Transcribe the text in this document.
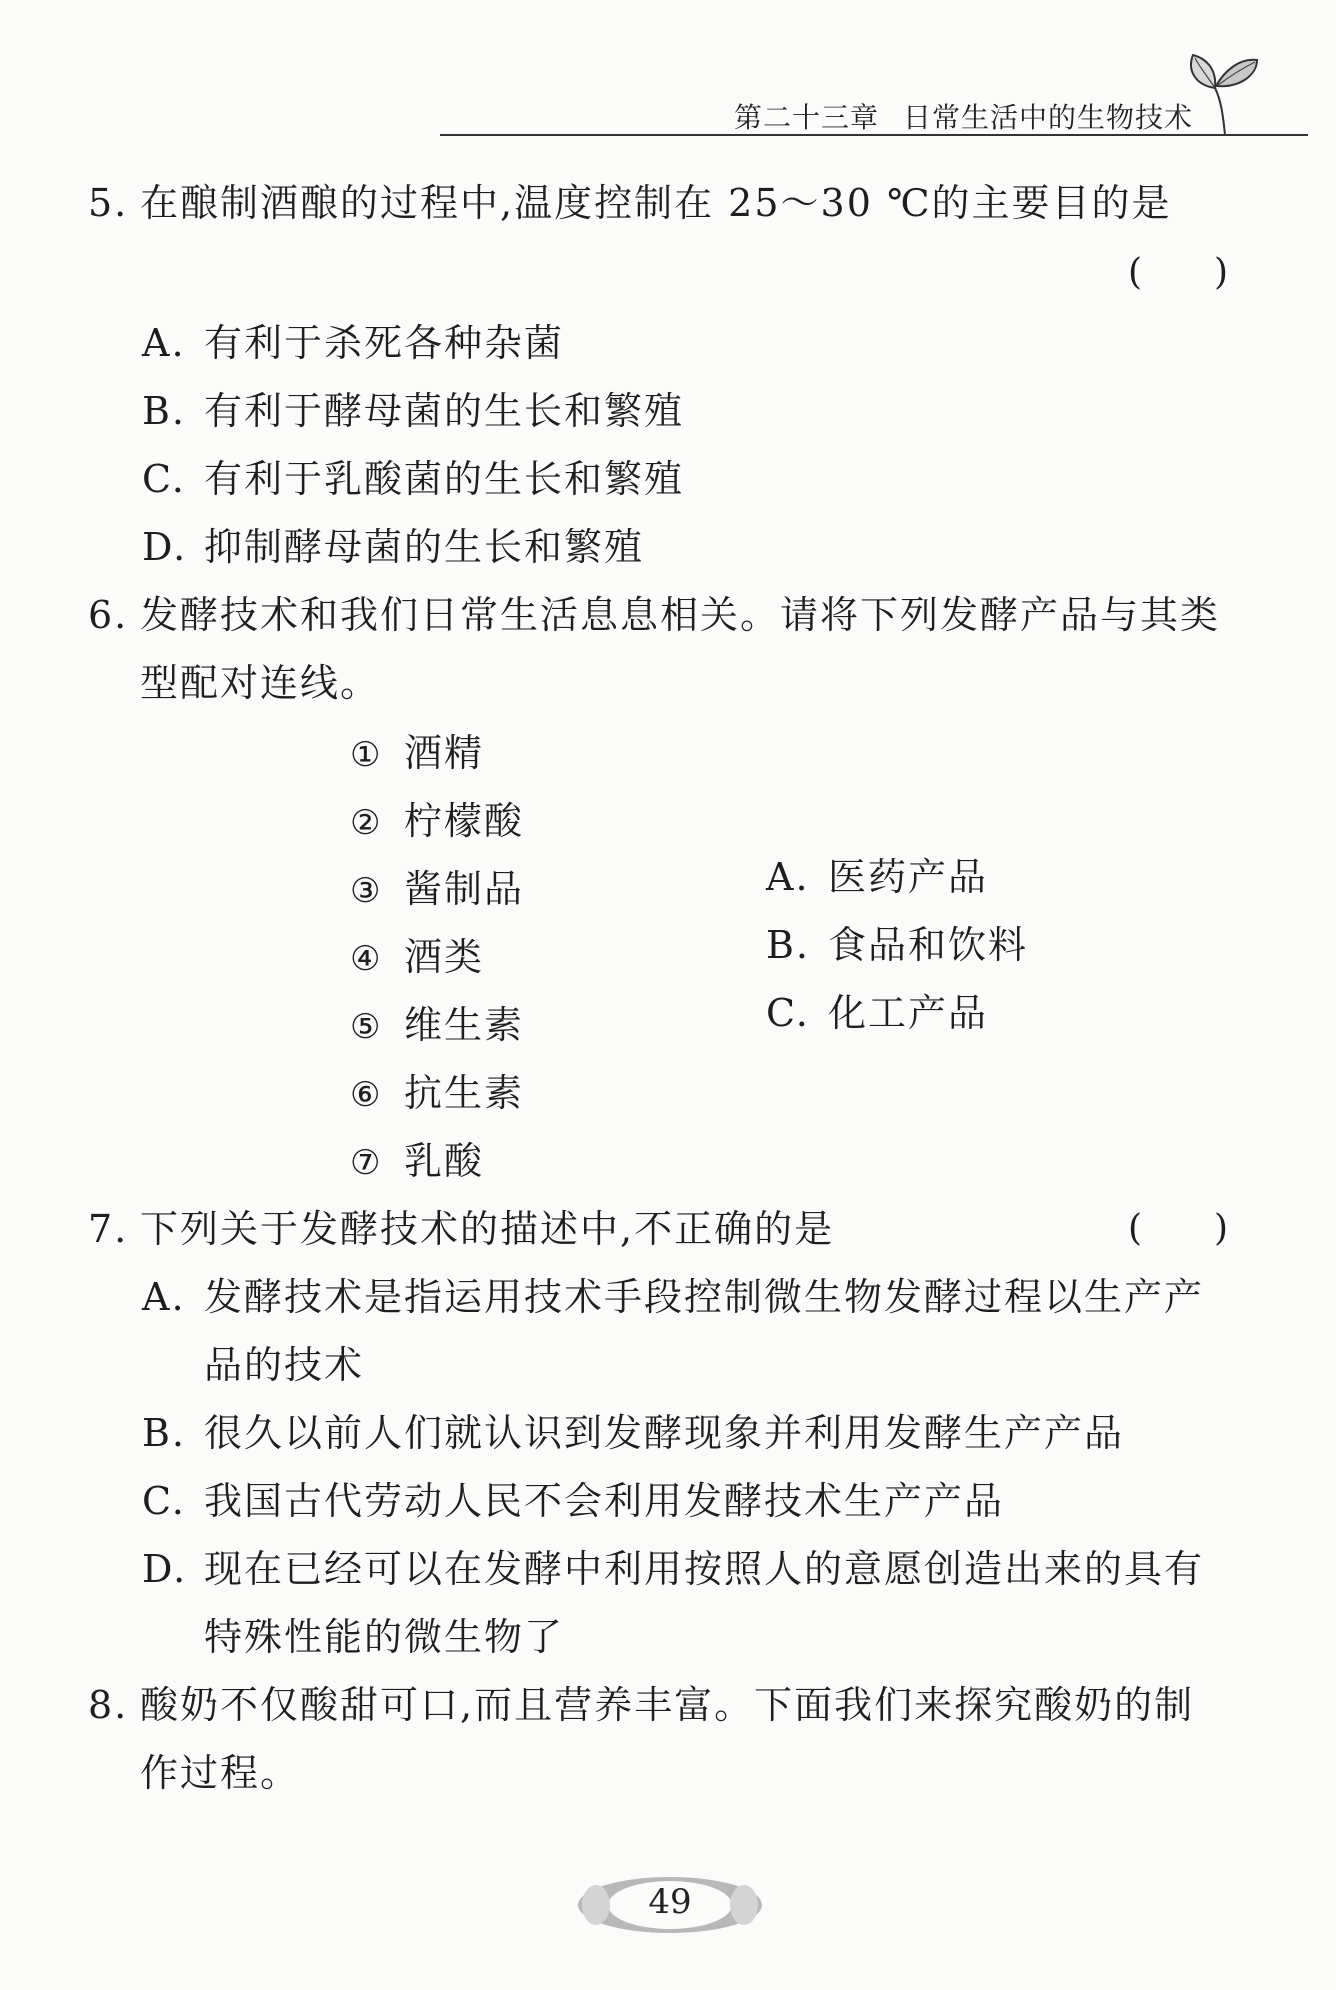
第二十三章 日常生活中的生物技术
5. 在酿制酒酿的过程中,温度控制在 25～30 ℃的主要目的是
(　　)
A. 有利于杀死各种杂菌
B. 有利于酵母菌的生长和繁殖
C. 有利于乳酸菌的生长和繁殖
D. 抑制酵母菌的生长和繁殖
6. 发酵技术和我们日常生活息息相关。请将下列发酵产品与其类
型配对连线。
① 酒精
② 柠檬酸
③ 酱制品
④ 酒类
⑤ 维生素
⑥ 抗生素
⑦ 乳酸
A. 医药产品
B. 食品和饮料
C. 化工产品
7. 下列关于发酵技术的描述中,不正确的是	(　　)
A. 发酵技术是指运用技术手段控制微生物发酵过程以生产产
品的技术
B. 很久以前人们就认识到发酵现象并利用发酵生产产品
C. 我国古代劳动人民不会利用发酵技术生产产品
D. 现在已经可以在发酵中利用按照人的意愿创造出来的具有
特殊性能的微生物了
8. 酸奶不仅酸甜可口,而且营养丰富。下面我们来探究酸奶的制
作过程。
49
